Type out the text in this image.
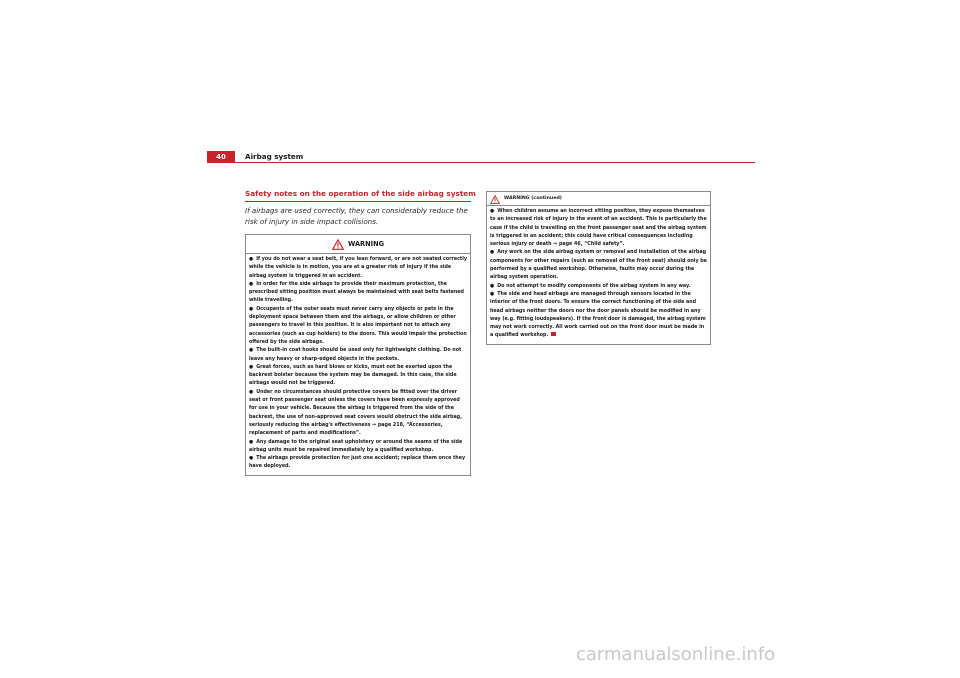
40	Airbag system
Safety notes on the operation of the side airbag system

If airbags are used correctly, they can considerably reduce the risk of injury in side impact collisions.

WARNING

● If you do not wear a seat belt, if you lean forward, or are not seated correctly while the vehicle is in motion, you are at a greater risk of injury if the side airbag system is triggered in an accident.

● In order for the side airbags to provide their maximum protection, the prescribed sitting position must always be maintained with seat belts fastened while travelling.

● Occupants of the outer seats must never carry any objects or pets in the deployment space between them and the airbags, or allow children or other passengers to travel in this position. It is also important not to attach any accessories (such as cup holders) to the doors. This would impair the protection offered by the side airbags.

● The built-in coat hooks should be used only for lightweight clothing. Do not leave any heavy or sharp-edged objects in the pockets.

● Great forces, such as hard blows or kicks, must not be exerted upon the backrest bolster because the system may be damaged. In this case, the side airbags would not be triggered.

● Under no circumstances should protective covers be fitted over the driver seat or front passenger seat unless the covers have been expressly approved for use in your vehicle. Because the airbag is triggered from the side of the backrest, the use of non-approved seat covers would obstruct the side airbag, seriously reducing the airbag's effectiveness ⇒ page 218, “Accessories, replacement of parts and modifications”.

● Any damage to the original seat upholstery or around the seams of the side airbag units must be repaired immediately by a qualified workshop.

● The airbags provide protection for just one accident; replace them once they have deployed.

WARNING (continued)

● When children assume an incorrect sitting position, they expose themselves to an increased risk of injury in the event of an accident. This is particularly the case if the child is travelling on the front passenger seat and the airbag system is triggered in an accident; this could have critical consequences including serious injury or death ⇒ page 46, “Child safety”.

● Any work on the side airbag system or removal and installation of the airbag components for other repairs (such as removal of the front seat) should only be performed by a qualified workshop. Otherwise, faults may occur during the airbag system operation.

● Do not attempt to modify components of the airbag system in any way.

● The side and head airbags are managed through sensors located in the interior of the front doors. To ensure the correct functioning of the side and head airbags neither the doors nor the door panels should be modified in any way (e.g. fitting loudspeakers). If the front door is damaged, the airbag system may not work correctly. All work carried out on the front door must be made in a qualified workshop.

carmanualsonline.info
